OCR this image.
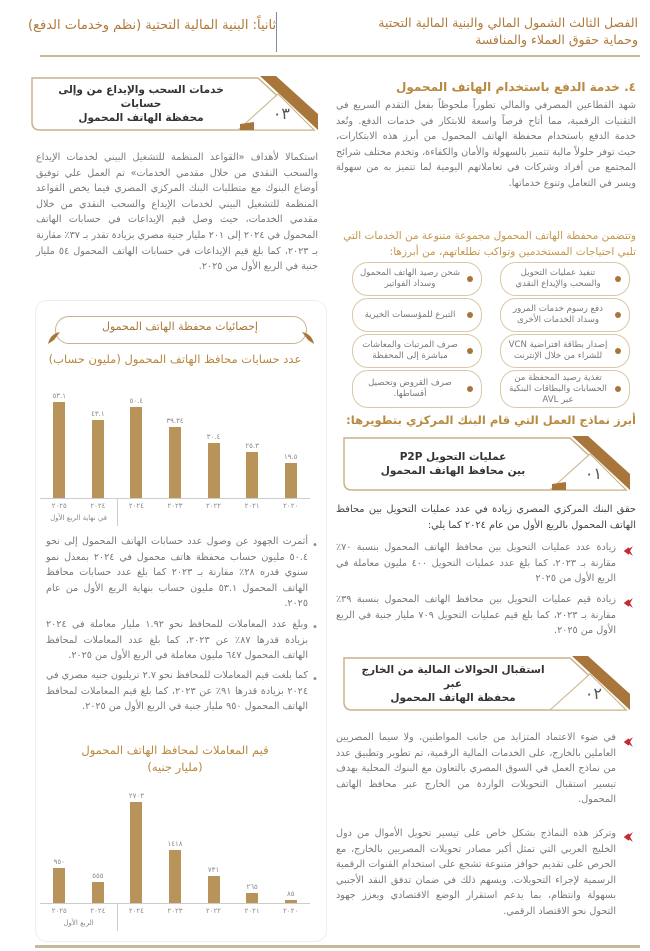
الفصل الثالث الشمول المالي والبنية المالية التحتية وحماية حقوق العملاء والمنافسة
ثانياً: البنية المالية التحتية (نظم وخدمات الدفع)
٤. خدمة الدفع باستخدام الهاتف المحمول
شهد القطاعين المصرفي والمالي تطوراً ملحوظاً بفعل التقدم السريع في التقنيات الرقمية، مما أتاح فرصاً واسعة للابتكار في خدمات الدفع. وتُعد خدمة الدفع باستخدام محفظة الهاتف المحمول من أبرز هذه الابتكارات، حيث توفر حلولاً مالية تتميز بالسهولة والأمان والكفاءة، وتخدم مختلف شرائح المجتمع من أفراد وشركات في تعاملاتهم اليومية لما تتميز به من سهولة ويسر في التعامل وتنوع خدماتها.
وتتضمن محفظة الهاتف المحمول مجموعة متنوعة من الخدمات التي تلبي احتياجات المستخدمين وتواكب تطلعاتهم، من أبرزها:
تنفيذ عمليات التحويل والسحب والإيداع النقدي
شحن رصيد الهاتف المحمول وسداد الفواتير
دفع رسوم خدمات المرور وسداد الخدمات الأخرى
التبرع للمؤسسات الخيرية
إصدار بطاقة افتراضية VCN للشراء من خلال الإنترنت
صرف المرتبات والمعاشات مباشرة إلى المحفظة
تغذية رصيد المحفظة من الحسابات والبطاقات البنكية عبر AVL
صرف القروض وتحصيل أقساطها.
أبرز نماذج العمل التي قام البنك المركزي بتطويرها:
عمليات التحويل P2P
بين محافظ الهاتف المحمول	٠١
حقق البنك المركزي المصري زيادة في عدد عمليات التحويل بين محافظ الهاتف المحمول بالربع الأول من عام ٢٠٢٤ كما يلي:
زيادة عدد عمليات التحويل بين محافظ الهاتف المحمول بنسبة ٧٠٪ مقارنة بـ ٢٠٢٣، كما بلغ عدد عمليات التحويل ٤٠٠ مليون معاملة في الربع الأول من ٢٠٢٥
زيادة قيم عمليات التحويل بين محافظ الهاتف المحمول بنسبة ٣٩٪ مقارنة بـ ٢٠٢٣، كما بلغ قيم عمليات التحويل ٧٠٩ مليار جنية في الربع الأول من ٢٠٢٥.
استقبال الحوالات المالية من الخارج عبر
محفظة الهاتف المحمول	٠٢
في ضوء الاعتماد المتزايد من جانب المواطنين، ولا سيما المصريين العاملين بالخارج، على الخدمات المالية الرقمية، تم تطوير وتطبيق عدد من نماذج العمل في السوق المصري بالتعاون مع البنوك المحلية بهدف تيسير استقبال التحويلات الواردة من الخارج عبر محافظ الهاتف المحمول.
وتركز هذه النماذج بشكل خاص على تيسير تحويل الأموال من دول الخليج العربي التي تمثل أكبر مصادر تحويلات المصريين بالخارج، مع الحرص على تقديم حوافز متنوعة تشجع على استخدام القنوات الرقمية الرسمية لإجراء التحويلات. ويسهم ذلك في ضمان تدفق النقد الأجنبي بسهولة وانتظام، بما يدعم استقرار الوضع الاقتصادي ويعزز جهود التحول نحو الاقتصاد الرقمي.
خدمات السحب والإيداع من وإلى حسابات
محفظة الهاتف المحمول	٠٣
استكمالا لأهداف «القواعد المنظمة للتشغيل البيني لخدمات الإيداع والسحب النقدي من خلال مقدمي الخدمات» تم العمل علي توفيق أوضاع البنوك مع متطلبات البنك المركزي المصري فيما يخص القواعد المنظمة للتشغيل البيني لخدمات الإيداع والسحب النقدي من خلال مقدمي الخدمات، حيث وصل قيم الإيداعات في حسابات الهاتف المحمول في ٢٠٢٤ إلى ٢٠١ مليار جنية مصري بزيادة تقدر بـ ٣٧٪ مقارنة بـ ٢٠٢٣، كما بلغ قيم الإيداعات في حسابات الهاتف المحمول ٥٤ مليار جنية في الربع الأول من ٢٠٢٥.
إحصائيات محفظة الهاتف المحمول
عدد حسابات محافظ الهاتف المحمول (مليون حساب)
٥٣.١
٢٠٢٥
٤٣.١
٢٠٢٤
٥٠.٤
٢٠٢٤
٣٩.٣٤
٢٠٢٣
٣٠.٤
٢٠٢٢
٢٥.٣
٢٠٢١
١٩.٥
٢٠٢٠
في نهاية الربع الأول
•
أثمرت الجهود عن وصول عدد حسابات الهاتف المحمول إلى نحو ٥٠.٤ مليون حساب محفظة هاتف محمول في ٢٠٢٤ بمعدل نمو سنوي قدره ٢٨٪ مقارنة بـ ٢٠٢٣ كما بلغ عدد حسابات محافظ الهاتف المحمول ٥٣.١ مليون حساب بنهاية الربع الأول من عام ٢٠٢٥.
•
وبلغ عدد المعاملات للمحافظ نحو ١.٩٢ مليار معاملة في ٢٠٢٤ بزيادة قدرها ٨٧٪ عن ٢٠٢٣، كما بلغ عدد المعاملات لمحافظ الهاتف المحمول ٦٤٧ مليون معاملة في الربع الأول من ٢٠٢٥.
•
كما بلغت قيم المعاملات للمحافظ نحو ٢.٧ تريليون جنيه مصري في ٢٠٢٤ بزيادة قدرها ٩١٪ عن ٢٠٢٣، كما بلغ قيم المعاملات لمحافظ الهاتف المحمول ٩٥٠ مليار جنية في الربع الأول من ٢٠٢٥.
قيم المعاملات لمحافظ الهاتف المحمول
(مليار جنيه)
٩٥٠
٢٠٢٥
٥٥٥
٢٠٢٤
٢٧٠٣
٢٠٢٤
١٤١٨
٢٠٢٣
٧٣١
٢٠٢٢
٢٦٥
٢٠٢١
٨٥
٢٠٢٠
الربع الأول
